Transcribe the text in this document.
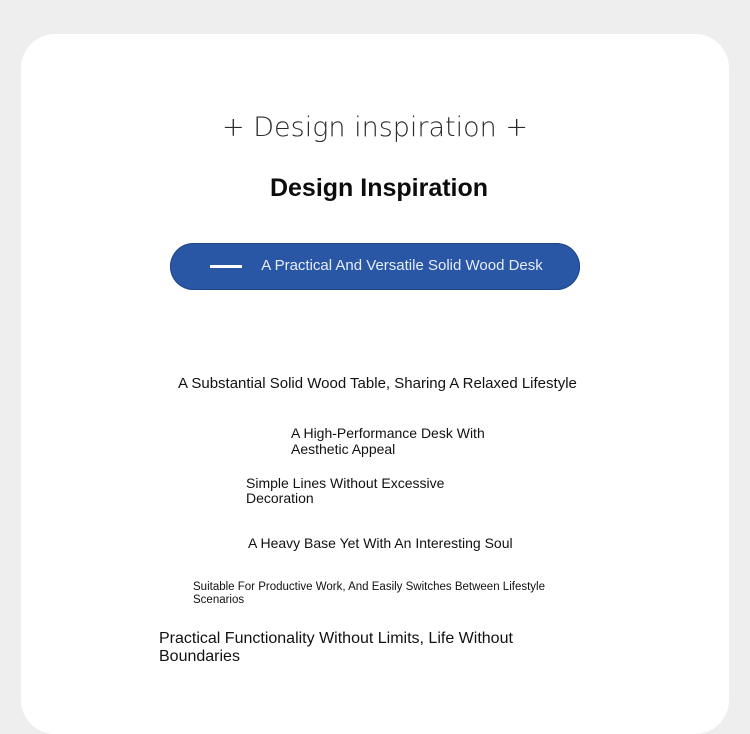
+ Design inspiration +
Design Inspiration
A Practical And Versatile Solid Wood Desk
A Substantial Solid Wood Table, Sharing A Relaxed Lifestyle
A High-Performance Desk With Aesthetic Appeal
Simple Lines Without Excessive Decoration
A Heavy Base Yet With An Interesting Soul
Suitable For Productive Work, And Easily Switches Between Lifestyle Scenarios
Practical Functionality Without Limits, Life Without Boundaries
